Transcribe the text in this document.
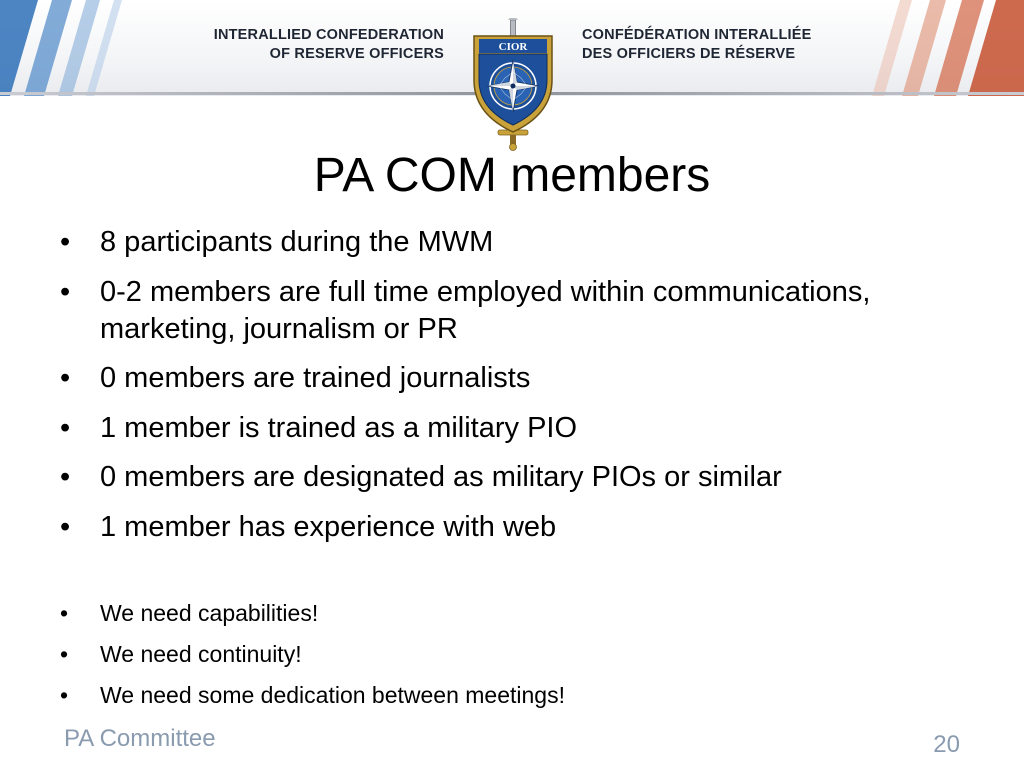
INTERALLIED CONFEDERATION
OF RESERVE OFFICERS
CONFÉDÉRATION INTERALLIÉE
DES OFFICIERS DE RÉSERVE
CIOR
PA COM members
• 8 participants during the MWM
• 0-2 members are full time employed within communications, marketing, journalism or PR
• 0 members are trained journalists
• 1 member is trained as a military PIO
• 0 members are designated as military PIOs or similar
• 1 member has experience with web
• We need capabilities!
• We need continuity!
• We need some dedication between meetings!
PA Committee	20
